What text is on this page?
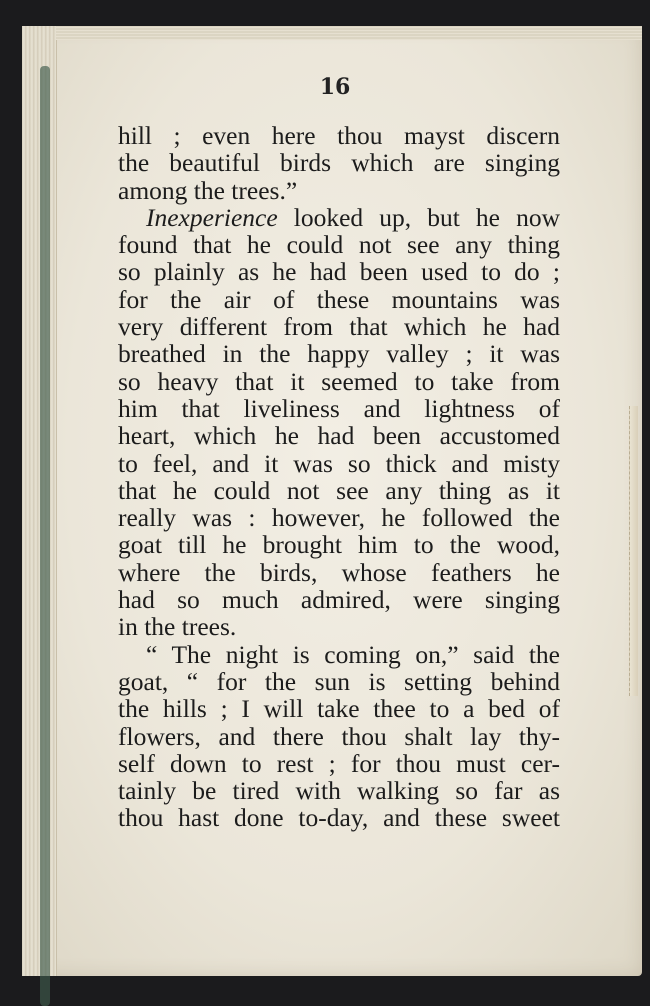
16
hill ; even here thou mayst discern
the beautiful birds which are singing
among the trees.”
Inexperience looked up, but he now
found that he could not see any thing
so plainly as he had been used to do ;
for the air of these mountains was
very different from that which he had
breathed in the happy valley ; it was
so heavy that it seemed to take from
him that liveliness and lightness of
heart, which he had been accustomed
to feel, and it was so thick and misty
that he could not see any thing as it
really was : however, he followed the
goat till he brought him to the wood,
where the birds, whose feathers he
had so much admired, were singing
in the trees.
“ The night is coming on,” said the
goat, “ for the sun is setting behind
the hills ; I will take thee to a bed of
flowers, and there thou shalt lay thy-
self down to rest ; for thou must cer-
tainly be tired with walking so far as
thou hast done to-day, and these sweet
